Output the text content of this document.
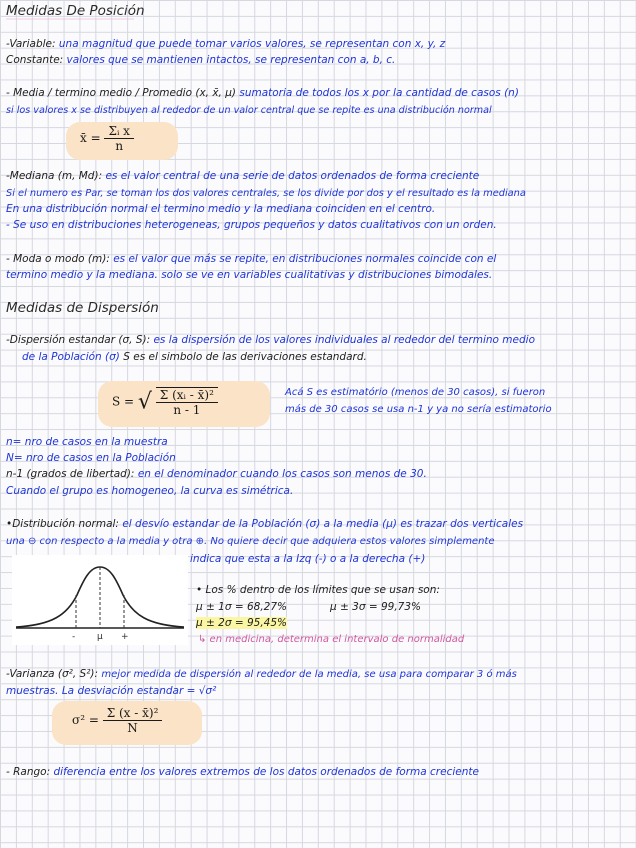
Medidas De Posición
-Variable: una magnitud que puede tomar varios valores, se representan con x, y, z
Constante: valores que se mantienen intactos, se representan con a, b, c.
- Media / termino medio / Promedio (x, x̄, μ) sumatoria de todos los x por la cantidad de casos (n)
si los valores x se distribuyen al rededor de un valor central que se repite es una distribución normal
x̄ = $\frac{\text{Σᵢ x}}{n}$
-Mediana (m, Md): es el valor central de una serie de datos ordenados de forma creciente
Si el numero es Par, se toman los dos valores centrales, se los divide por dos y el resultado es la mediana
En una distribución normal el termino medio y la mediana coinciden en el centro.
- Se uso en distribuciones heterogeneas, grupos pequeños y datos cualitativos con un orden.
- Moda o modo (m): es el valor que más se repite, en distribuciones normales coincide con el
termino medio y la mediana. solo se ve en variables cualitativas y distribuciones bimodales.
Medidas de Dispersión
-Dispersión estandar (σ, S): es la dispersión de los valores individuales al rededor del termino medio
de la Población (σ) S es el simbolo de las derivaciones estandard.
S = √ $\frac{\text{Σ (xᵢ - x̄)²}}{n - 1}$	Acá S es estimatório (menos de 30 casos), si fueron
más de 30 casos se usa n-1 y ya no sería estimatorio
n= nro de casos en la muestra
N= nro de casos en la Población
n-1 (grados de libertad): en el denominador cuando los casos son menos de 30.
Cuando el grupo es homogeneo, la curva es simétrica.
•Distribución normal: el desvío estandar de la Población (σ) a la media (μ) es trazar dos verticales
una ⊖ con respecto a la media y otra ⊕. No quiere decir que adquiera estos valores simplemente
indica que esta a la Izq (-) o a la derecha (+)
- μ +
• Los % dentro de los límites que se usan son:
μ ± 1σ = 68,27%	μ ± 3σ = 99,73%
μ ± 2σ = 95,45%
↳ en medicina, determina el intervalo de normalidad
-Varianza (σ², S²): mejor medida de dispersión al rededor de la media, se usa para comparar 3 ó más
muestras. La desviación estandar = √σ²
$\sigma^2 = \frac{\text{Σ (x - x̄)²}}{N}$
- Rango: diferencia entre los valores extremos de los datos ordenados de forma creciente
